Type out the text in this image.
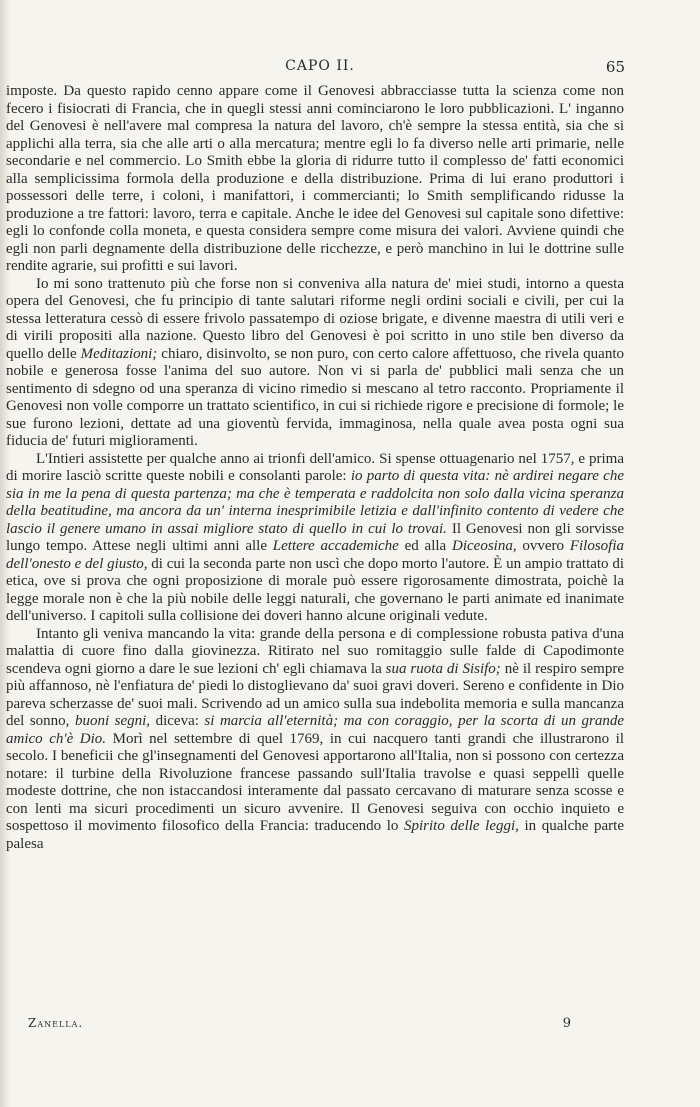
CAPO II.	65

imposte. Da questo rapido cenno appare come il Genovesi abbracciasse tutta la scienza come non fecero i fisiocrati di Francia, che in quegli stessi anni cominciarono le loro pubblicazioni. L' inganno del Genovesi è nell'avere mal compresa la natura del lavoro, ch'è sempre la stessa entità, sia che si applichi alla terra, sia che alle arti o alla mercatura; mentre egli lo fa diverso nelle arti primarie, nelle secondarie e nel commercio. Lo Smith ebbe la gloria di ridurre tutto il complesso de' fatti economici alla semplicissima formola della produzione e della distribuzione. Prima di lui erano produttori i possessori delle terre, i coloni, i manifattori, i commercianti; lo Smith semplificando ridusse la produzione a tre fattori: lavoro, terra e capitale. Anche le idee del Genovesi sul capitale sono difettive: egli lo confonde colla moneta, e questa considera sempre come misura dei valori. Avviene quindi che egli non parli degnamente della distribuzione delle ricchezze, e però manchino in lui le dottrine sulle rendite agrarie, sui profitti e sui lavori.

Io mi sono trattenuto più che forse non si conveniva alla natura de' miei studi, intorno a questa opera del Genovesi, che fu principio di tante salutari riforme negli ordini sociali e civili, per cui la stessa letteratura cessò di essere frivolo passatempo di oziose brigate, e divenne maestra di utili veri e di virili propositi alla nazione. Questo libro del Genovesi è poi scritto in uno stile ben diverso da quello delle Meditazioni; chiaro, disinvolto, se non puro, con certo calore affettuoso, che rivela quanto nobile e generosa fosse l'anima del suo autore. Non vi si parla de' pubblici mali senza che un sentimento di sdegno od una speranza di vicino rimedio si mescano al tetro racconto. Propriamente il Genovesi non volle comporre un trattato scientifico, in cui si richiede rigore e precisione di formole; le sue furono lezioni, dettate ad una gioventù fervida, immaginosa, nella quale avea posta ogni sua fiducia de' futuri miglioramenti.

L'Intieri assistette per qualche anno ai trionfi dell'amico. Si spense ottuagenario nel 1757, e prima di morire lasciò scritte queste nobili e consolanti parole: io parto di questa vita: nè ardirei negare che sia in me la pena di questa partenza; ma che è temperata e raddolcita non solo dalla vicina speranza della beatitudine, ma ancora da un' interna inesprimibile letizia e dall'infinito contento di vedere che lascio il genere umano in assai migliore stato di quello in cui lo trovai. Il Genovesi non gli sorvisse lungo tempo. Attese negli ultimi anni alle Lettere accademiche ed alla Diceosina, ovvero Filosofia dell'onesto e del giusto, di cui la seconda parte non uscì che dopo morto l'autore. È un ampio trattato di etica, ove si prova che ogni proposizione di morale può essere rigorosamente dimostrata, poichè la legge morale non è che la più nobile delle leggi naturali, che governano le parti animate ed inanimate dell'universo. I capitoli sulla collisione dei doveri hanno alcune originali vedute.

Intanto gli veniva mancando la vita: grande della persona e di complessione robusta pativa d'una malattia di cuore fino dalla giovinezza. Ritirato nel suo romitaggio sulle falde di Capodimonte scendeva ogni giorno a dare le sue lezioni ch' egli chiamava la sua ruota di Sisifo; nè il respiro sempre più affannoso, nè l'enfiatura de' piedi lo distoglievano da' suoi gravi doveri. Sereno e confidente in Dio pareva scherzasse de' suoi mali. Scrivendo ad un amico sulla sua indebolita memoria e sulla mancanza del sonno, buoni segni, diceva: si marcia all'eternità; ma con coraggio, per la scorta di un grande amico ch'è Dio. Morì nel settembre di quel 1769, in cui nacquero tanti grandi che illustrarono il secolo. I beneficii che gl'insegnamenti del Genovesi apportarono all'Italia, non si possono con certezza notare: il turbine della Rivoluzione francese passando sull'Italia travolse e quasi seppellì quelle modeste dottrine, che non istaccandosi interamente dal passato cercavano di maturare senza scosse e con lenti ma sicuri procedimenti un sicuro avvenire. Il Genovesi seguiva con occhio inquieto e sospettoso il movimento filosofico della Francia: traducendo lo Spirito delle leggi, in qualche parte palesa

Zanella.	9
